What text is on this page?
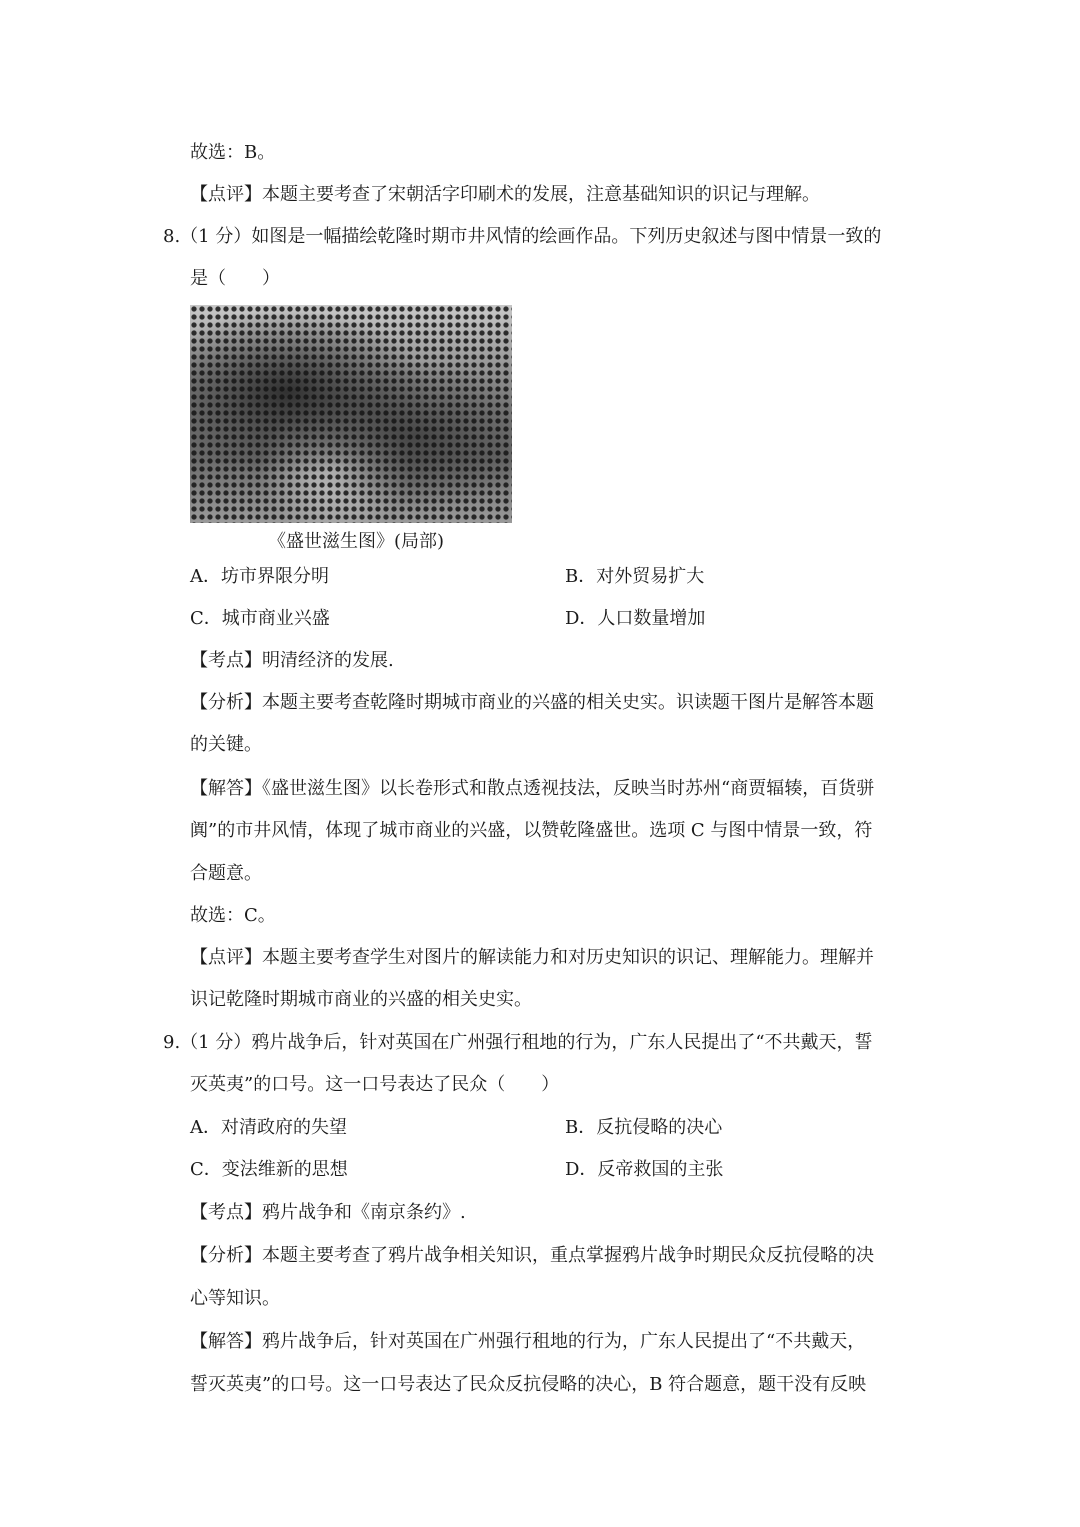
故选：B。
【点评】本题主要考查了宋朝活字印刷术的发展，注意基础知识的识记与理解。
8.（1 分）如图是一幅描绘乾隆时期市井风情的绘画作品。下列历史叙述与图中情景一致的
是（　　）
《盛世滋生图》(局部)
A．坊市界限分明	B．对外贸易扩大
C．城市商业兴盛	D．人口数量增加
【考点】明清经济的发展.
【分析】本题主要考查乾隆时期城市商业的兴盛的相关史实。识读题干图片是解答本题
的关键。
【解答】《盛世滋生图》以长卷形式和散点透视技法，反映当时苏州“商贾辐辏，百货骈
阗”的市井风情，体现了城市商业的兴盛，以赞乾隆盛世。选项 C 与图中情景一致，符
合题意。
故选：C。
【点评】本题主要考查学生对图片的解读能力和对历史知识的识记、理解能力。理解并
识记乾隆时期城市商业的兴盛的相关史实。
9.（1 分）鸦片战争后，针对英国在广州强行租地的行为，广东人民提出了“不共戴天，誓
灭英夷”的口号。这一口号表达了民众（　　）
A．对清政府的失望	B．反抗侵略的决心
C．变法维新的思想	D．反帝救国的主张
【考点】鸦片战争和《南京条约》.
【分析】本题主要考查了鸦片战争相关知识，重点掌握鸦片战争时期民众反抗侵略的决
心等知识。
【解答】鸦片战争后，针对英国在广州强行租地的行为，广东人民提出了“不共戴天，
誓灭英夷”的口号。这一口号表达了民众反抗侵略的决心，B 符合题意，题干没有反映
